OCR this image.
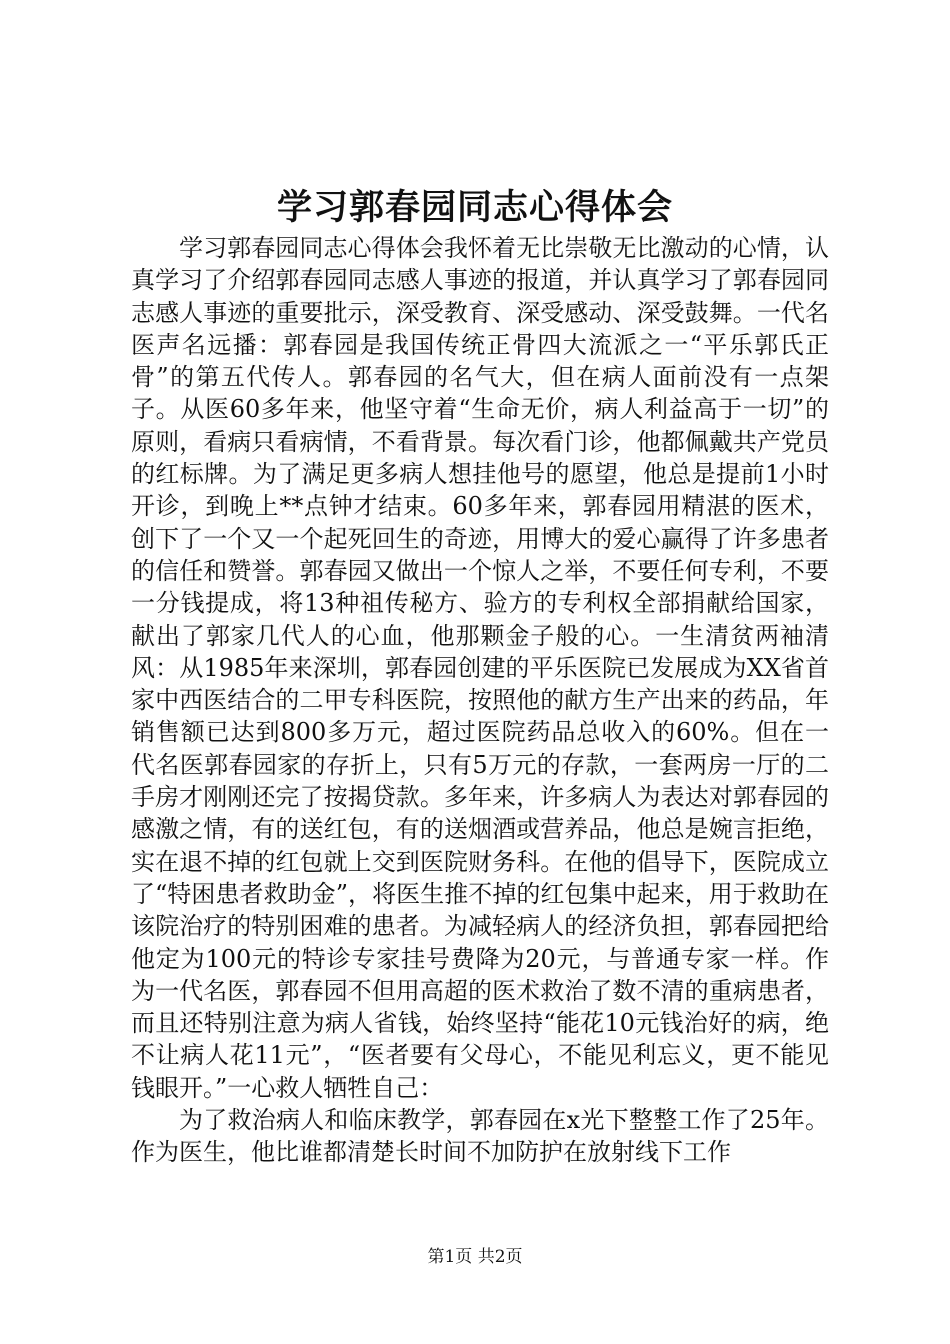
学习郭春园同志心得体会

学习郭春园同志心得体会我怀着无比崇敬无比激动的心情，认真学习了介绍郭春园同志感人事迹的报道，并认真学习了郭春园同志感人事迹的重要批示，深受教育、深受感动、深受鼓舞。一代名医声名远播：郭春园是我国传统正骨四大流派之一“平乐郭氏正骨”的第五代传人。郭春园的名气大，但在病人面前没有一点架子。从医60多年来，他坚守着“生命无价，病人利益高于一切”的原则，看病只看病情，不看背景。每次看门诊，他都佩戴共产党员的红标牌。为了满足更多病人想挂他号的愿望，他总是提前1小时开诊，到晚上**点钟才结束。60多年来，郭春园用精湛的医术，创下了一个又一个起死回生的奇迹，用博大的爱心赢得了许多患者的信任和赞誉。郭春园又做出一个惊人之举，不要任何专利，不要一分钱提成，将13种祖传秘方、验方的专利权全部捐献给国家，献出了郭家几代人的心血，他那颗金子般的心。一生清贫两袖清风：从1985年来深圳，郭春园创建的平乐医院已发展成为XX省首家中西医结合的二甲专科医院，按照他的献方生产出来的药品，年销售额已达到800多万元，超过医院药品总收入的60%。但在一代名医郭春园家的存折上，只有5万元的存款，一套两房一厅的二手房才刚刚还完了按揭贷款。多年来，许多病人为表达对郭春园的感激之情，有的送红包，有的送烟酒或营养品，他总是婉言拒绝，实在退不掉的红包就上交到医院财务科。在他的倡导下，医院成立了“特困患者救助金”，将医生推不掉的红包集中起来，用于救助在该院治疗的特别困难的患者。为减轻病人的经济负担，郭春园把给他定为100元的特诊专家挂号费降为20元，与普通专家一样。作为一代名医，郭春园不但用高超的医术救治了数不清的重病患者，而且还特别注意为病人省钱，始终坚持“能花10元钱治好的病，绝不让病人花11元”，“医者要有父母心，不能见利忘义，更不能见钱眼开。”一心救人牺牲自己：

为了救治病人和临床教学，郭春园在x光下整整工作了25年。作为医生，他比谁都清楚长时间不加防护在放射线下工作

第1页 共2页
